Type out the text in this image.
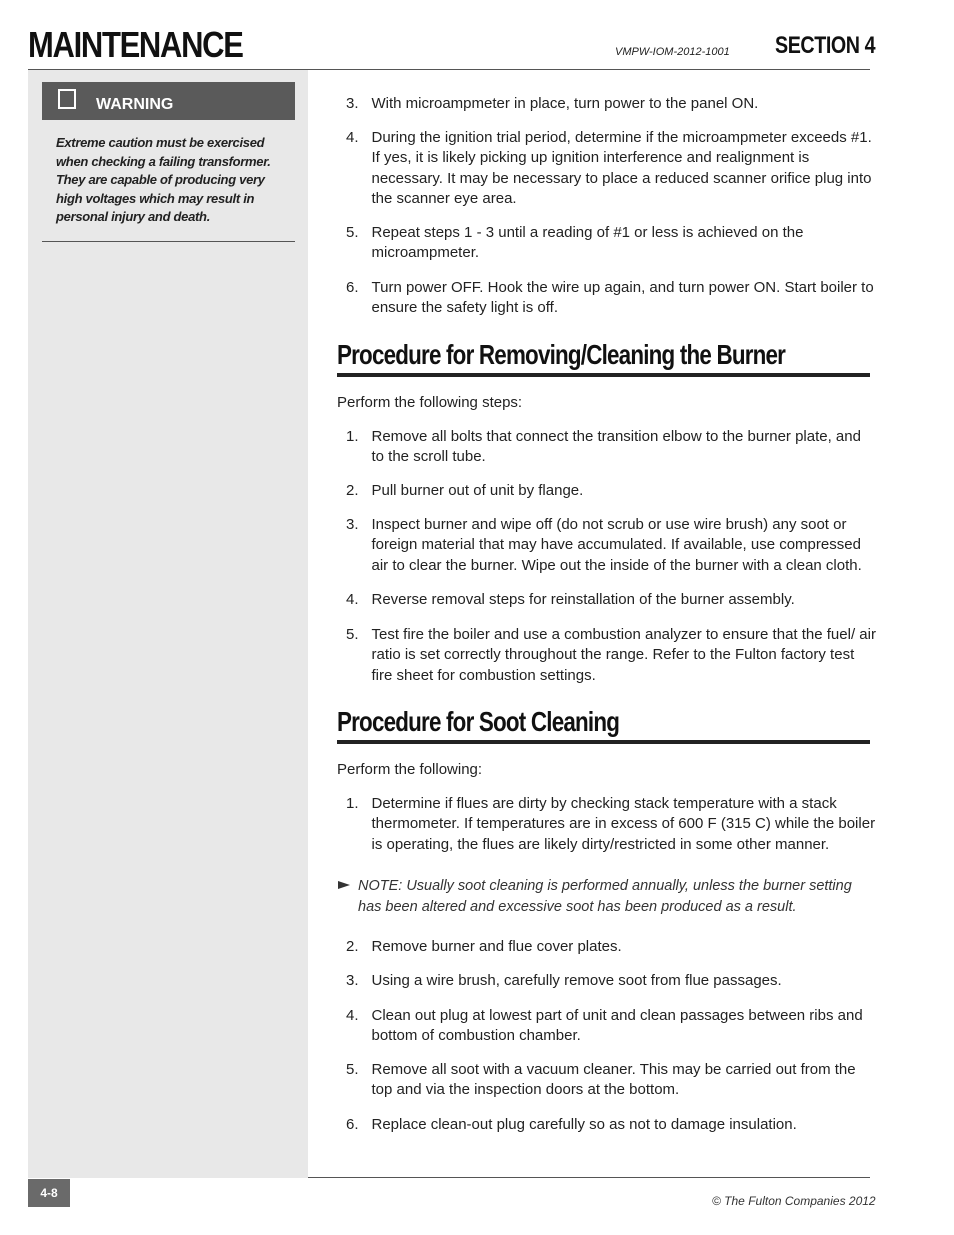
MAINTENANCE	VMPW-IOM-2012-1001 SECTION 4
WARNING
Extreme caution must be exercised when checking a failing transformer. They are capable of producing very high voltages which may result in personal injury and death.
3. With microampmeter in place, turn power to the panel ON.
4. During the ignition trial period, determine if the microampmeter exceeds #1. If yes, it is likely picking up ignition interference and realignment is necessary. It may be necessary to place a reduced scanner orifice plug into the scanner eye area.
5. Repeat steps 1 - 3 until a reading of #1 or less is achieved on the microampmeter.
6. Turn power OFF. Hook the wire up again, and turn power ON. Start boiler to ensure the safety light is off.
Procedure for Removing/Cleaning the Burner
Perform the following steps:
1. Remove all bolts that connect the transition elbow to the burner plate, and to the scroll tube.
2. Pull burner out of unit by flange.
3. Inspect burner and wipe off (do not scrub or use wire brush) any soot or foreign material that may have accumulated. If available, use compressed air to clear the burner. Wipe out the inside of the burner with a clean cloth.
4. Reverse removal steps for reinstallation of the burner assembly.
5. Test fire the boiler and use a combustion analyzer to ensure that the fuel/ air ratio is set correctly throughout the range. Refer to the Fulton factory test fire sheet for combustion settings.
Procedure for Soot Cleaning
Perform the following:
1. Determine if flues are dirty by checking stack temperature with a stack thermometer. If temperatures are in excess of 600 F (315 C) while the boiler is operating, the flues are likely dirty/restricted in some other manner.
NOTE: Usually soot cleaning is performed annually, unless the burner setting has been altered and excessive soot has been produced as a result.
2. Remove burner and flue cover plates.
3. Using a wire brush, carefully remove soot from flue passages.
4. Clean out plug at lowest part of unit and clean passages between ribs and bottom of combustion chamber.
5. Remove all soot with a vacuum cleaner. This may be carried out from the top and via the inspection doors at the bottom.
6. Replace clean-out plug carefully so as not to damage insulation.
4-8
© The Fulton Companies 2012
